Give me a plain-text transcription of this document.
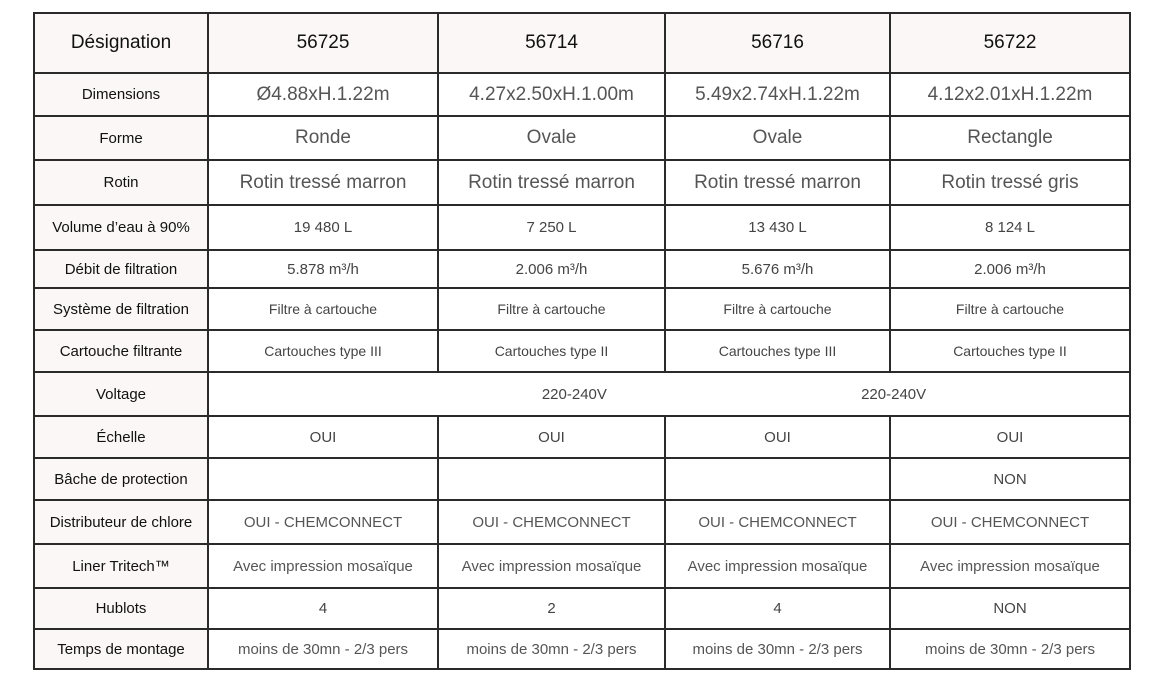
Désignation	56725	56714	56716	56722
Dimensions	Ø4.88xH.1.22m	4.27x2.50xH.1.00m	5.49x2.74xH.1.22m	4.12x2.01xH.1.22m
Forme	Ronde	Ovale	Ovale	Rectangle
Rotin	Rotin tressé marron	Rotin tressé marron	Rotin tressé marron	Rotin tressé gris
Volume d’eau à 90%	19 480 L	7 250 L	13 430 L	8 124 L
Débit de filtration	5.878 m³/h	2.006 m³/h	5.676 m³/h	2.006 m³/h
Système de filtration	Filtre à cartouche	Filtre à cartouche	Filtre à cartouche	Filtre à cartouche
Cartouche filtrante	Cartouches type III	Cartouches type II	Cartouches type III	Cartouches type II
Voltage	220-240V 220-240V			
Échelle	OUI	OUI	OUI	OUI
Bâche de protection				NON
Distributeur de chlore	OUI - CHEMCONNECT	OUI - CHEMCONNECT	OUI - CHEMCONNECT	OUI - CHEMCONNECT
Liner Tritech™	Avec impression mosaïque	Avec impression mosaïque	Avec impression mosaïque	Avec impression mosaïque
Hublots	4	2	4	NON
Temps de montage	moins de 30mn - 2/3 pers	moins de 30mn - 2/3 pers	moins de 30mn - 2/3 pers	moins de 30mn - 2/3 pers
